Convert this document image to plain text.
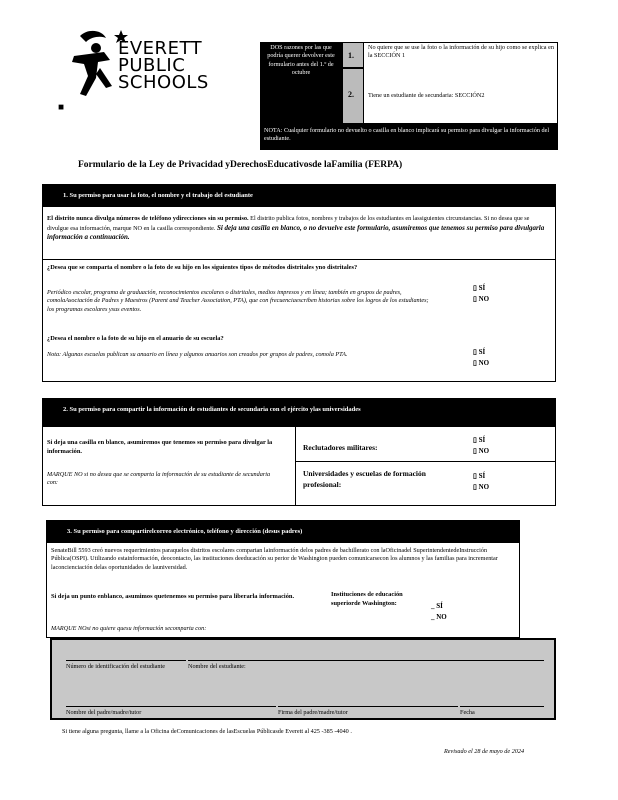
EVERETT
PUBLIC
SCHOOLS
■
DOS razones por las que podría querer devolver este formulario antes del 1.º de octubre
1.
No quiere que se use la foto o la información de su hijo como se explica en la SECCIÓN 1
2. Tiene un estudiante de secundaria: SECCIÓN2
NOTA: Cualquier formulario no devuelto o casilla en blanco implicará su permiso para divulgar la información del estudiante.
Formulario de la Ley de Privacidad yDerechosEducativosde laFamilia (FERPA)
1. Su permiso para usar la foto, el nombre y el trabajo del estudiante
El distrito nunca divulga números de teléfono ydirecciones sin su permiso. El distrito publica fotos, nombres y trabajos de los estudiantes en lassiguientes circunstancias. Si no desea que se divulgue esa información, marque NO en la casilla correspondiente. Si deja una casilla en blanco, o no devuelve este formulario, asumiremos que tenemos su permiso para divulgarla información a continuación.
¿Desea que se comparta el nombre o la foto de su hijo en los siguientes tipos de métodos distritales yno distritales?
Periódico escolar, programa de graduación, reconocimientos escolares o distritales, medios impresos y en línea; también en grupos de padres, comolaAsociación de Padres y Maestros (Parent and Teacher Association, PTA), que con frecuenciaescriben historias sobre los logros de los estudiantes; los programas escolares ysus eventos.
▯ SÍ
▯ NO
¿Desea el nombre o la foto de su hijo en el anuario de su escuela?
Nota: Algunas escuelas publican su anuario en línea y algunos anuarios son creados por grupos de padres, comola PTA.	▯ SÍ
▯ NO
2. Su permiso para compartir la información de estudiantes de secundaria con el ejército ylas universidades
Si deja una casilla en blanco, asumiremos que tenemos su permiso para divulgar la información.
MARQUE NO si no desea que se comparta la información de su estudiante de secundaria con:
Reclutadores militares:
▯ SÍ
▯ NO
Universidades y escuelas de formación profesional:
▯ SÍ
▯ NO
3. Su permiso para compartirelcorreo electrónico, teléfono y dirección (desus padres)
SenateBill 5593 creó nuevos requerimientos paraquelos distritos escolares compartan lainformación delos padres de bachillerato con laOficinadel SuperintendentedeInstrucción Pública(OSPI). Utilizando estainformación, deocontacto, las instituciones deeducación su perior de Washington pueden comunicarsecon los alumnos y las familias para incrementar laconcienciación delas oportunidades de launiversidad.
Si deja un punto enblanco, asumimos quetenemos su permiso para liberarla información.
MARQUE NOsi no quiere quesu información secomparta con:
Instituciones de educación superiorde Washington:	_ SÍ
_ NO
Número de identificación del estudiante	Nombre del estudiante:
Nombre del padre/madre/tutor	Firma del padre/madre/tutor	Fecha
Si tiene alguna pregunta, llame a la Oficina deComunicaciones de lasEscuelas Públicasde Everett al 425 -385 -4040 .
Revisado el 28 de mayo de 2024
